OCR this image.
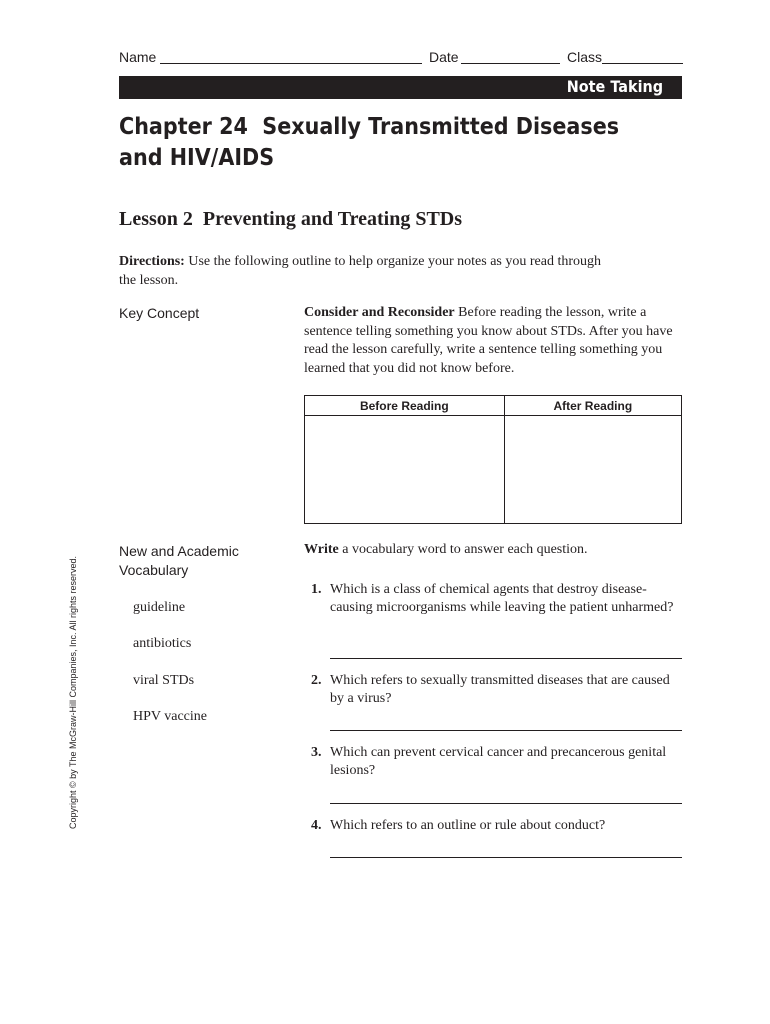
Name	Date	Class
Note Taking
Chapter 24  Sexually Transmitted Diseases
and HIV/AIDS
Lesson 2  Preventing and Treating STDs
Directions: Use the following outline to help organize your notes as you read through the lesson.
Key Concept	Consider and Reconsider Before reading the lesson, write a sentence telling something you know about STDs. After you have read the lesson carefully, write a sentence telling something you learned that you did not know before.
Before Reading	After Reading

New and Academic
Vocabulary
guideline
antibiotics
viral STDs
HPV vaccine
Write a vocabulary word to answer each question.
1. Which is a class of chemical agents that destroy disease-causing microorganisms while leaving the patient unharmed?
2. Which refers to sexually transmitted diseases that are caused by a virus?
3. Which can prevent cervical cancer and precancerous genital lesions?
4. Which refers to an outline or rule about conduct?
Copyright © by The McGraw-Hill Companies, Inc. All rights reserved.
